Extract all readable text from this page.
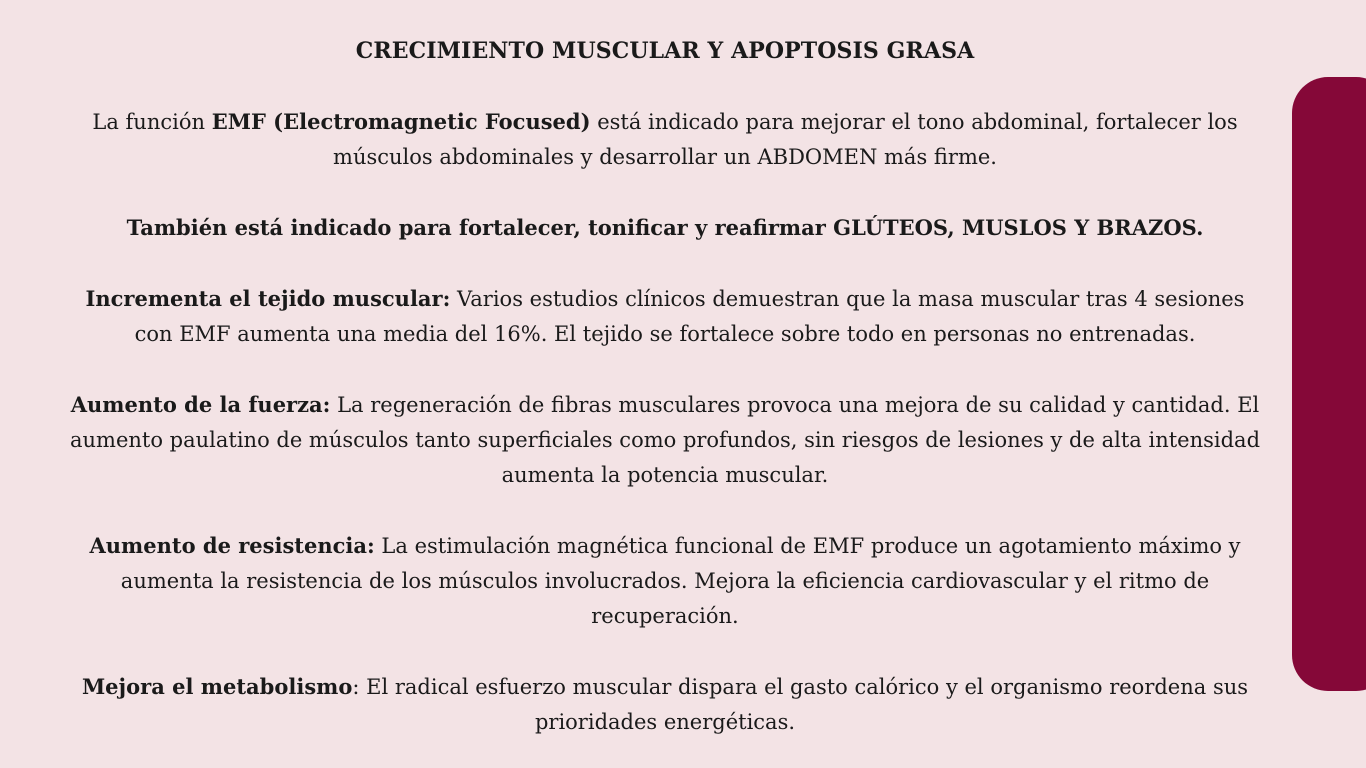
CRECIMIENTO MUSCULAR Y APOPTOSIS GRASA

La función EMF (Electromagnetic Focused) está indicado para mejorar el tono abdominal, fortalecer los músculos abdominales y desarrollar un ABDOMEN más firme.

También está indicado para fortalecer, tonificar y reafirmar GLÚTEOS, MUSLOS Y BRAZOS.

Incrementa el tejido muscular: Varios estudios clínicos demuestran que la masa muscular tras 4 sesiones con EMF aumenta una media del 16%. El tejido se fortalece sobre todo en personas no entrenadas.

Aumento de la fuerza: La regeneración de fibras musculares provoca una mejora de su calidad y cantidad. El aumento paulatino de músculos tanto superficiales como profundos, sin riesgos de lesiones y de alta intensidad aumenta la potencia muscular.

Aumento de resistencia: La estimulación magnética funcional de EMF produce un agotamiento máximo y aumenta la resistencia de los músculos involucrados. Mejora la eficiencia cardiovascular y el ritmo de recuperación.

Mejora el metabolismo: El radical esfuerzo muscular dispara el gasto calórico y el organismo reordena sus prioridades energéticas.
